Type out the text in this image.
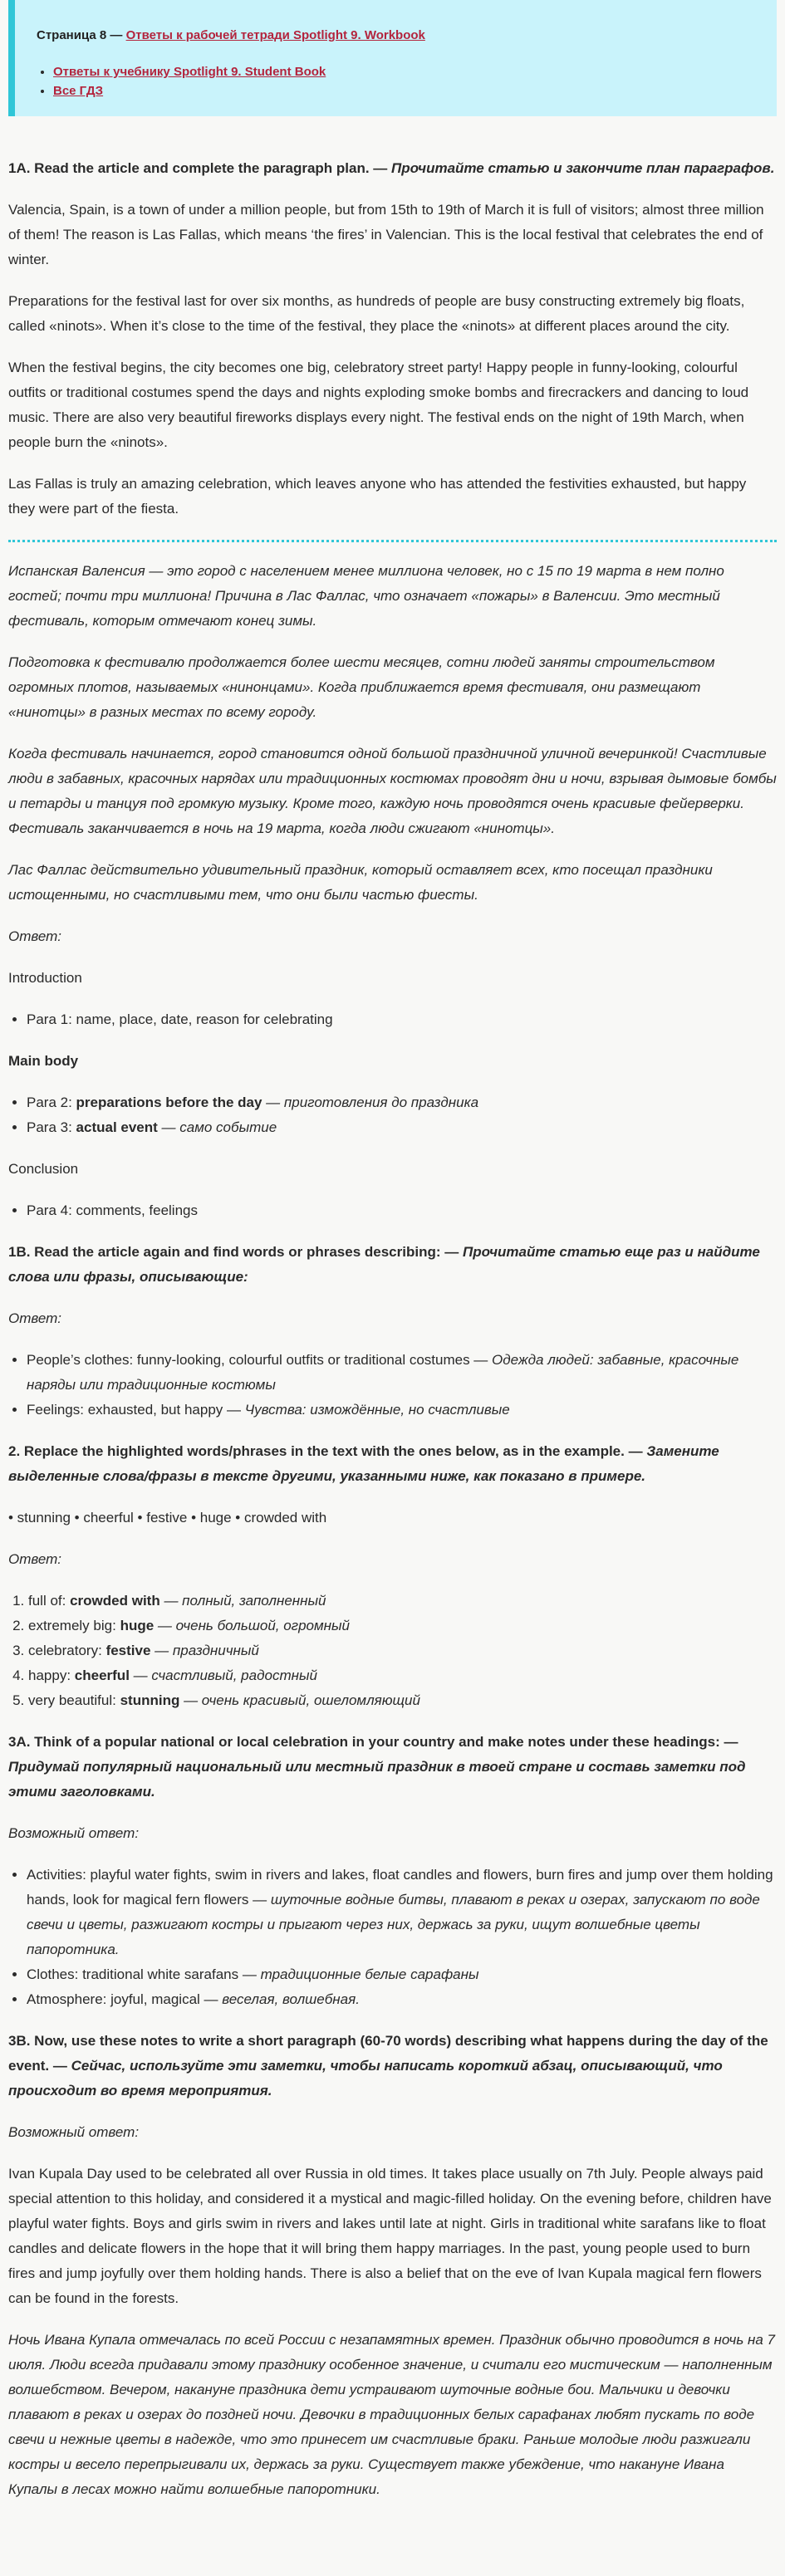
Страница 8 — Ответы к рабочей тетради Spotlight 9. Workbook
• Ответы к учебнику Spotlight 9. Student Book
• Все ГДЗ

1A. Read the article and complete the paragraph plan. — Прочитайте статью и закончите план параграфов.

Valencia, Spain, is a town of under a million people, but from 15th to 19th of March it is full of visitors; almost three million of them! The reason is Las Fallas, which means ‘the fires’ in Valencian. This is the local festival that celebrates the end of winter.

Preparations for the festival last for over six months, as hundreds of people are busy constructing extremely big floats, called «ninots». When it’s close to the time of the festival, they place the «ninots» at different places around the city.

When the festival begins, the city becomes one big, celebratory street party! Happy people in funny-looking, colourful outfits or traditional costumes spend the days and nights exploding smoke bombs and firecrackers and dancing to loud music. There are also very beautiful fireworks displays every night. The festival ends on the night of 19th March, when people burn the «ninots».

Las Fallas is truly an amazing celebration, which leaves anyone who has attended the festivities exhausted, but happy they were part of the fiesta.

Испанская Валенсия — это город с населением менее миллиона человек, но с 15 по 19 марта в нем полно гостей; почти три миллиона! Причина в Лас Фаллас, что означает «пожары» в Валенсии. Это местный фестиваль, которым отмечают конец зимы.

Подготовка к фестивалю продолжается более шести месяцев, сотни людей заняты строительством огромных плотов, называемых «нинонцами». Когда приближается время фестиваля, они размещают «нинотцы» в разных местах по всему городу.

Когда фестиваль начинается, город становится одной большой праздничной уличной вечеринкой! Счастливые люди в забавных, красочных нарядах или традиционных костюмах проводят дни и ночи, взрывая дымовые бомбы и петарды и танцуя под громкую музыку. Кроме того, каждую ночь проводятся очень красивые фейерверки. Фестиваль заканчивается в ночь на 19 марта, когда люди сжигают «нинотцы».

Лас Фаллас действительно удивительный праздник, который оставляет всех, кто посещал праздники истощенными, но счастливыми тем, что они были частью фиесты.

Ответ:

Introduction

• Para 1: name, place, date, reason for celebrating

Main body

• Para 2: preparations before the day — приготовления до праздника
• Para 3: actual event — само событие

Conclusion

• Para 4: comments, feelings

1B. Read the article again and find words or phrases describing: — Прочитайте статью еще раз и найдите слова или фразы, описывающие:

Ответ:

• People’s clothes: funny-looking, colourful outfits or traditional costumes — Одежда людей: забавные, красочные наряды или традиционные костюмы
• Feelings: exhausted, but happy — Чувства: измождённые, но счастливые

2. Replace the highlighted words/phrases in the text with the ones below, as in the example. — Замените выделенные слова/фразы в тексте другими, указанными ниже, как показано в примере.

• stunning • cheerful • festive • huge • crowded with

Ответ:

1. full of: crowded with — полный, заполненный
2. extremely big: huge — очень большой, огромный
3. celebratory: festive — праздничный
4. happy: cheerful — счастливый, радостный
5. very beautiful: stunning — очень красивый, ошеломляющий

3A. Think of a popular national or local celebration in your country and make notes under these headings: — Придумай популярный национальный или местный праздник в твоей стране и составь заметки под этими заголовками.

Возможный ответ:

• Activities: playful water fights, swim in rivers and lakes, float candles and flowers, burn fires and jump over them holding hands, look for magical fern flowers — шуточные водные битвы, плавают в реках и озерах, запускают по воде свечи и цветы, разжигают костры и прыгают через них, держась за руки, ищут волшебные цветы папоротника.
• Clothes: traditional white sarafans — традиционные белые сарафаны
• Atmosphere: joyful, magical — веселая, волшебная.

3B. Now, use these notes to write a short paragraph (60-70 words) describing what happens during the day of the event. — Сейчас, используйте эти заметки, чтобы написать короткий абзац, описывающий, что происходит во время мероприятия.

Возможный ответ:

Ivan Kupala Day used to be celebrated all over Russia in old times. It takes place usually on 7th July. People always paid special attention to this holiday, and considered it a mystical and magic-filled holiday. On the evening before, children have playful water fights. Boys and girls swim in rivers and lakes until late at night. Girls in traditional white sarafans like to float candles and delicate flowers in the hope that it will bring them happy marriages. In the past, young people used to burn fires and jump joyfully over them holding hands. There is also a belief that on the eve of Ivan Kupala magical fern flowers can be found in the forests.

Ночь Ивана Купала отмечалась по всей России с незапамятных времен. Праздник обычно проводится в ночь на 7 июля. Люди всегда придавали этому празднику особенное значение, и считали его мистическим — наполненным волшебством. Вечером, накануне праздника дети устраивают шуточные водные бои. Мальчики и девочки плавают в реках и озерах до поздней ночи. Девочки в традиционных белых сарафанах любят пускать по воде свечи и нежные цветы в надежде, что это принесет им счастливые браки. Раньше молодые люди разжигали костры и весело перепрыгивали их, держась за руки. Существует также убеждение, что накануне Ивана Купалы в лесах можно найти волшебные папоротники.
